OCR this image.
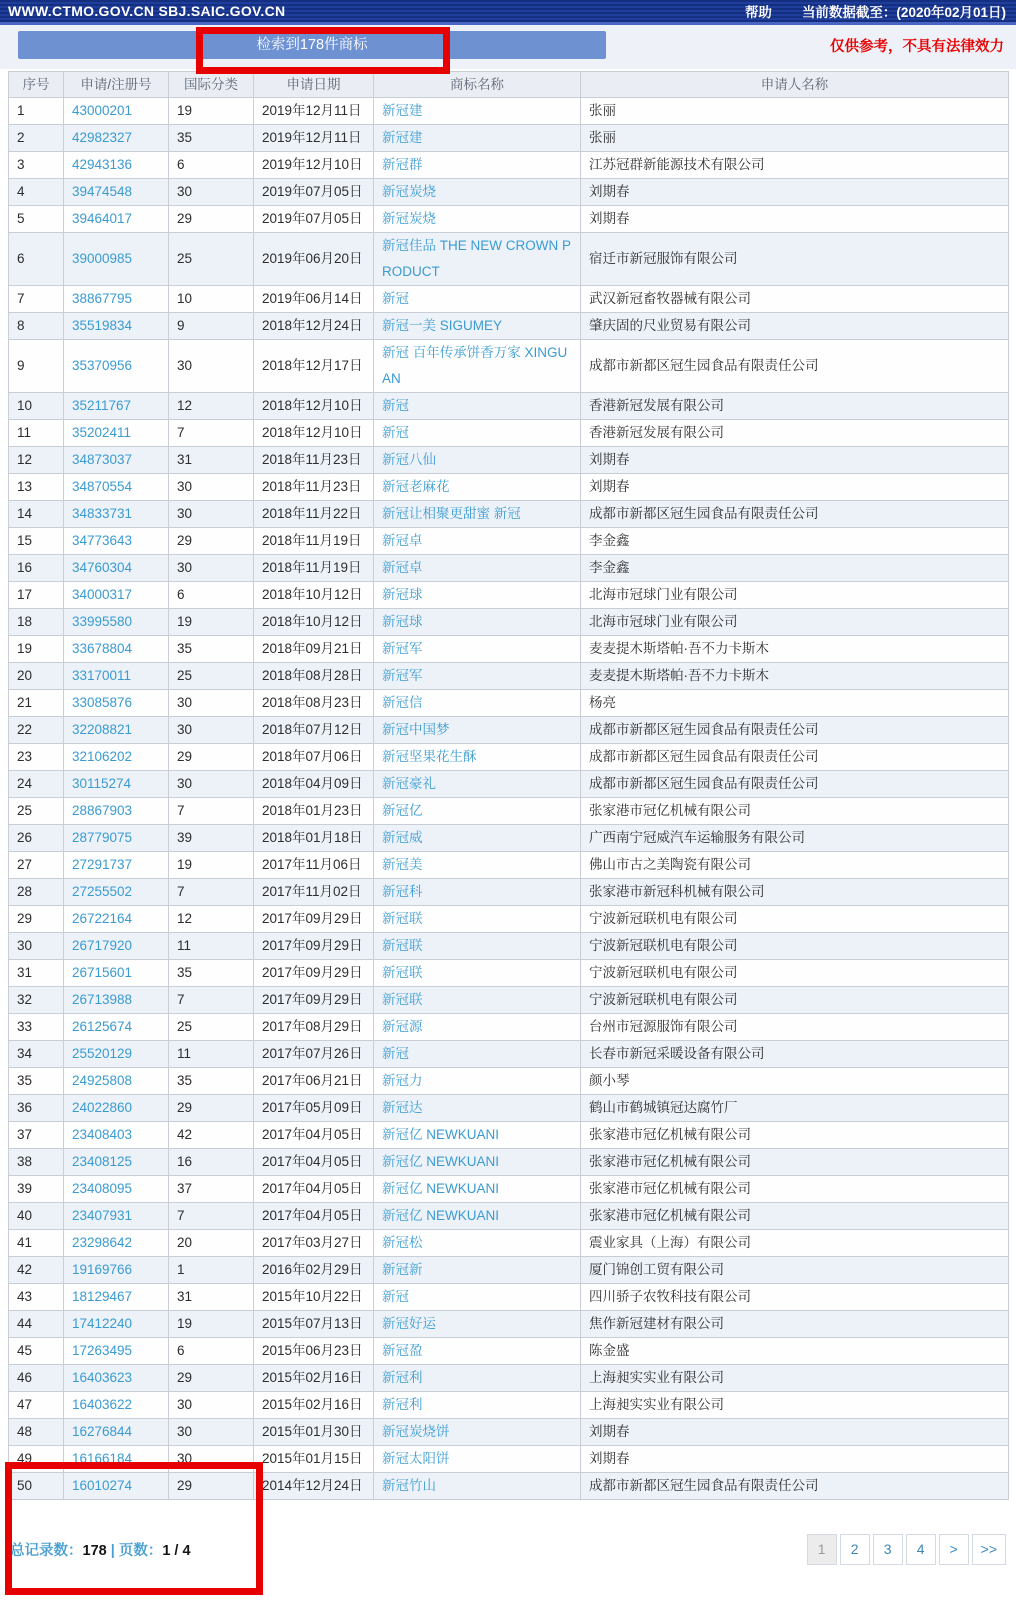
WWW.CTMO.GOV.CN SBJ.SAIC.GOV.CN	帮助 当前数据截至：(2020年02月01日)
检索到178件商标	仅供参考，不具有法律效力
序号	申请/注册号	国际分类	申请日期	商标名称	申请人名称
1	43000201	19	2019年12月11日	新冠建	张丽
2	42982327	35	2019年12月11日	新冠建	张丽
3	42943136	6	2019年12月10日	新冠群	江苏冠群新能源技术有限公司
4	39474548	30	2019年07月05日	新冠炭烧	刘期春
5	39464017	29	2019年07月05日	新冠炭烧	刘期春
6	39000985	25	2019年06月20日	新冠佳品 THE NEW CROWN PRODUCT	宿迁市新冠服饰有限公司
7	38867795	10	2019年06月14日	新冠	武汉新冠畜牧器械有限公司
8	35519834	9	2018年12月24日	新冠一美 SIGUMEY	肇庆固的尺业贸易有限公司
9	35370956	30	2018年12月17日	新冠 百年传承饼香万家 XINGUAN	成都市新都区冠生园食品有限责任公司
10	35211767	12	2018年12月10日	新冠	香港新冠发展有限公司
11	35202411	7	2018年12月10日	新冠	香港新冠发展有限公司
12	34873037	31	2018年11月23日	新冠八仙	刘期春
13	34870554	30	2018年11月23日	新冠老麻花	刘期春
14	34833731	30	2018年11月22日	新冠让相聚更甜蜜 新冠	成都市新都区冠生园食品有限责任公司
15	34773643	29	2018年11月19日	新冠卓	李金鑫
16	34760304	30	2018年11月19日	新冠卓	李金鑫
17	34000317	6	2018年10月12日	新冠球	北海市冠球门业有限公司
18	33995580	19	2018年10月12日	新冠球	北海市冠球门业有限公司
19	33678804	35	2018年09月21日	新冠军	麦麦提木斯塔帕·吾不力卡斯木
20	33170011	25	2018年08月28日	新冠军	麦麦提木斯塔帕·吾不力卡斯木
21	33085876	30	2018年08月23日	新冠信	杨亮
22	32208821	30	2018年07月12日	新冠中国梦	成都市新都区冠生园食品有限责任公司
23	32106202	29	2018年07月06日	新冠坚果花生酥	成都市新都区冠生园食品有限责任公司
24	30115274	30	2018年04月09日	新冠豪礼	成都市新都区冠生园食品有限责任公司
25	28867903	7	2018年01月23日	新冠亿	张家港市冠亿机械有限公司
26	28779075	39	2018年01月18日	新冠威	广西南宁冠威汽车运输服务有限公司
27	27291737	19	2017年11月06日	新冠美	佛山市古之美陶瓷有限公司
28	27255502	7	2017年11月02日	新冠科	张家港市新冠科机械有限公司
29	26722164	12	2017年09月29日	新冠联	宁波新冠联机电有限公司
30	26717920	11	2017年09月29日	新冠联	宁波新冠联机电有限公司
31	26715601	35	2017年09月29日	新冠联	宁波新冠联机电有限公司
32	26713988	7	2017年09月29日	新冠联	宁波新冠联机电有限公司
33	26125674	25	2017年08月29日	新冠源	台州市冠源服饰有限公司
34	25520129	11	2017年07月26日	新冠	长春市新冠采暖设备有限公司
35	24925808	35	2017年06月21日	新冠力	颜小琴
36	24022860	29	2017年05月09日	新冠达	鹤山市鹤城镇冠达腐竹厂
37	23408403	42	2017年04月05日	新冠亿 NEWKUANI	张家港市冠亿机械有限公司
38	23408125	16	2017年04月05日	新冠亿 NEWKUANI	张家港市冠亿机械有限公司
39	23408095	37	2017年04月05日	新冠亿 NEWKUANI	张家港市冠亿机械有限公司
40	23407931	7	2017年04月05日	新冠亿 NEWKUANI	张家港市冠亿机械有限公司
41	23298642	20	2017年03月27日	新冠松	震业家具（上海）有限公司
42	19169766	1	2016年02月29日	新冠新	厦门锦创工贸有限公司
43	18129467	31	2015年10月22日	新冠	四川骄子农牧科技有限公司
44	17412240	19	2015年07月13日	新冠好运	焦作新冠建材有限公司
45	17263495	6	2015年06月23日	新冠盈	陈金盛
46	16403623	29	2015年02月16日	新冠利	上海昶实实业有限公司
47	16403622	30	2015年02月16日	新冠利	上海昶实实业有限公司
48	16276844	30	2015年01月30日	新冠炭烧饼	刘期春
49	16166184	30	2015年01月15日	新冠太阳饼	刘期春
50	16010274	29	2014年12月24日	新冠竹山	成都市新都区冠生园食品有限责任公司
总记录数：178 | 页数：1 / 4	1	2	3	4	>	>>
